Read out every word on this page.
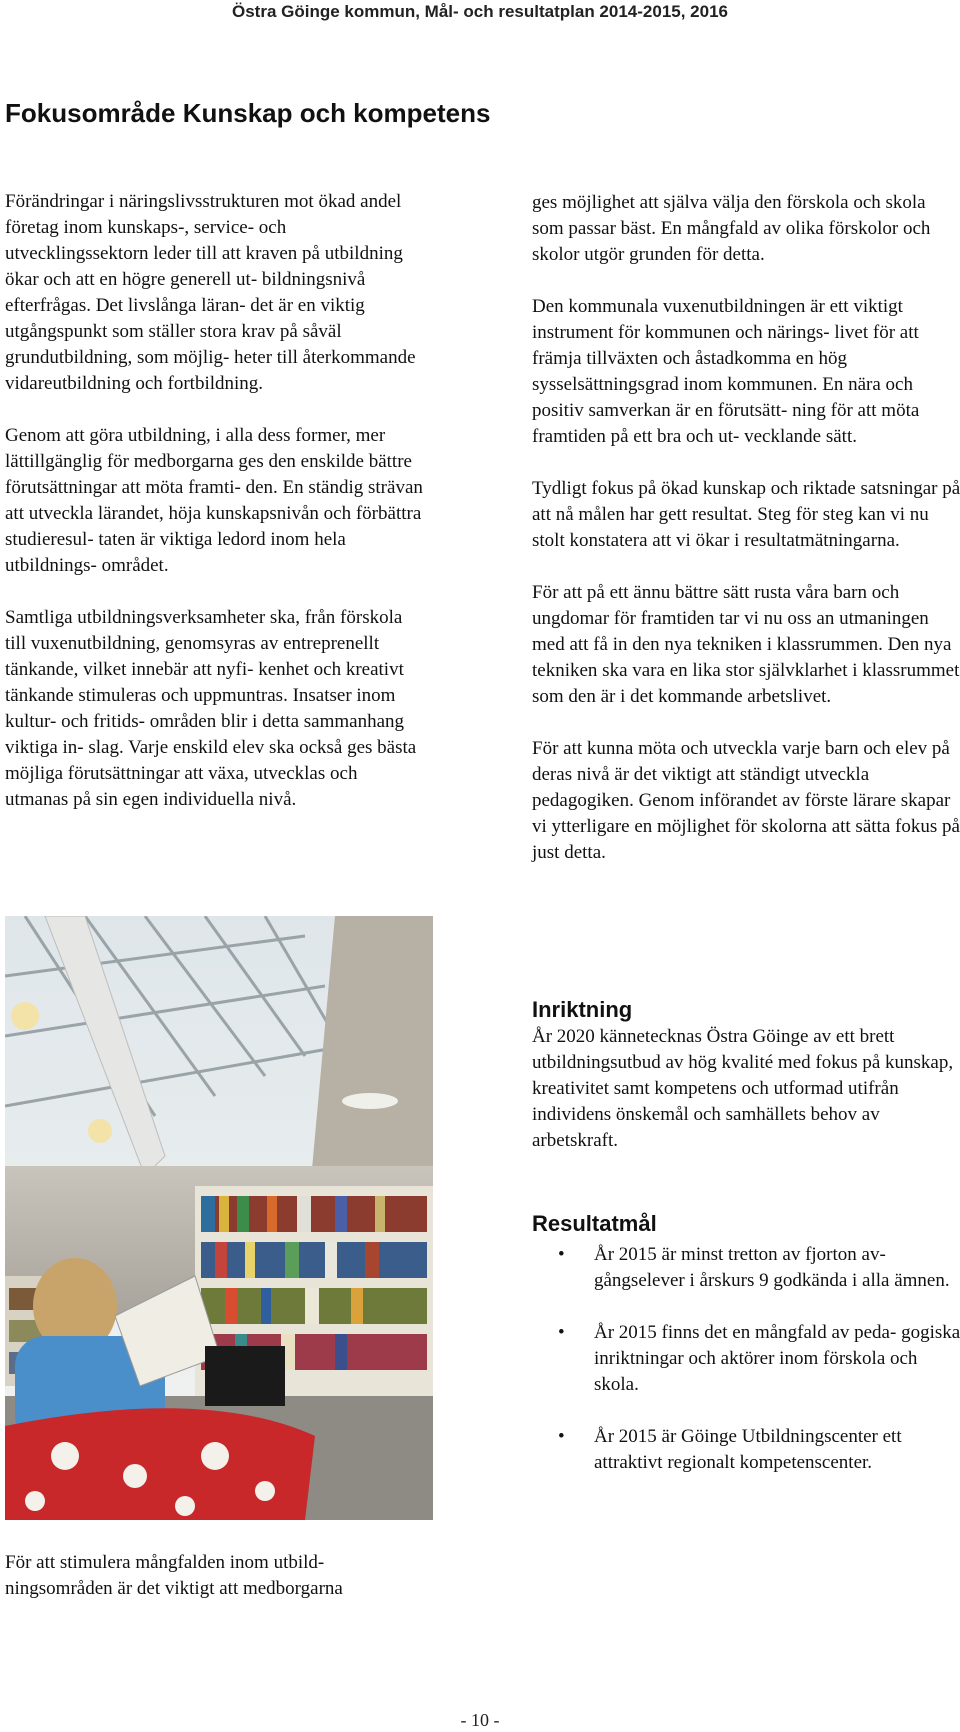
Östra Göinge kommun, Mål- och resultatplan 2014-2015, 2016
Fokusområde Kunskap och kompetens

Förändringar i näringslivsstrukturen mot ökad andel företag inom kunskaps-, service- och utvecklingssektorn leder till att kraven på utbildning ökar och att en högre generell ut- bildningsnivå efterfrågas. Det livslånga läran- det är en viktig utgångspunkt som ställer stora krav på såväl grundutbildning, som möjlig- heter till återkommande vidareutbildning och fortbildning.

Genom att göra utbildning, i alla dess former, mer lättillgänglig för medborgarna ges den enskilde bättre förutsättningar att möta framti- den. En ständig strävan att utveckla lärandet, höja kunskapsnivån och förbättra studieresul- taten är viktiga ledord inom hela utbildnings- området.

Samtliga utbildningsverksamheter ska, från förskola till vuxenutbildning, genomsyras av entreprenellt tänkande, vilket innebär att nyfi- kenhet och kreativt tänkande stimuleras och uppmuntras. Insatser inom kultur- och fritids- områden blir i detta sammanhang viktiga in- slag. Varje enskild elev ska också ges bästa möjliga förutsättningar att växa, utvecklas och utmanas på sin egen individuella nivå.

ges möjlighet att själva välja den förskola och skola som passar bäst. En mångfald av olika förskolor och skolor utgör grunden för detta.

Den kommunala vuxenutbildningen är ett viktigt instrument för kommunen och närings- livet för att främja tillväxten och åstadkomma en hög sysselsättningsgrad inom kommunen. En nära och positiv samverkan är en förutsätt- ning för att möta framtiden på ett bra och ut- vecklande sätt.

Tydligt fokus på ökad kunskap och riktade satsningar på att nå målen har gett resultat. Steg för steg kan vi nu stolt konstatera att vi ökar i resultatmätningarna.

För att på ett ännu bättre sätt rusta våra barn och ungdomar för framtiden tar vi nu oss an utmaningen med att få in den nya tekniken i klassrummen. Den nya tekniken ska vara en lika stor självklarhet i klassrummet som den är i det kommande arbetslivet.

För att kunna möta och utveckla varje barn och elev på deras nivå är det viktigt att ständigt utveckla pedagogiken. Genom införandet av förste lärare skapar vi ytterligare en möjlighet för skolorna att sätta fokus på just detta.

Inriktning
År 2020 kännetecknas Östra Göinge av ett brett utbildningsutbud av hög kvalité med fokus på kunskap, kreativitet samt kompetens och utformad utifrån individens önskemål och samhällets behov av arbetskraft.
Resultatmål
• År 2015 är minst tretton av fjorton av- gångselever i årskurs 9 godkända i alla ämnen.
• År 2015 finns det en mångfald av peda- gogiska inriktningar och aktörer inom förskola och skola.
• År 2015 är Göinge Utbildningscenter ett attraktivt regionalt kompetenscenter.
För att stimulera mångfalden inom utbild- ningsområden är det viktigt att medborgarna
- 10 -
